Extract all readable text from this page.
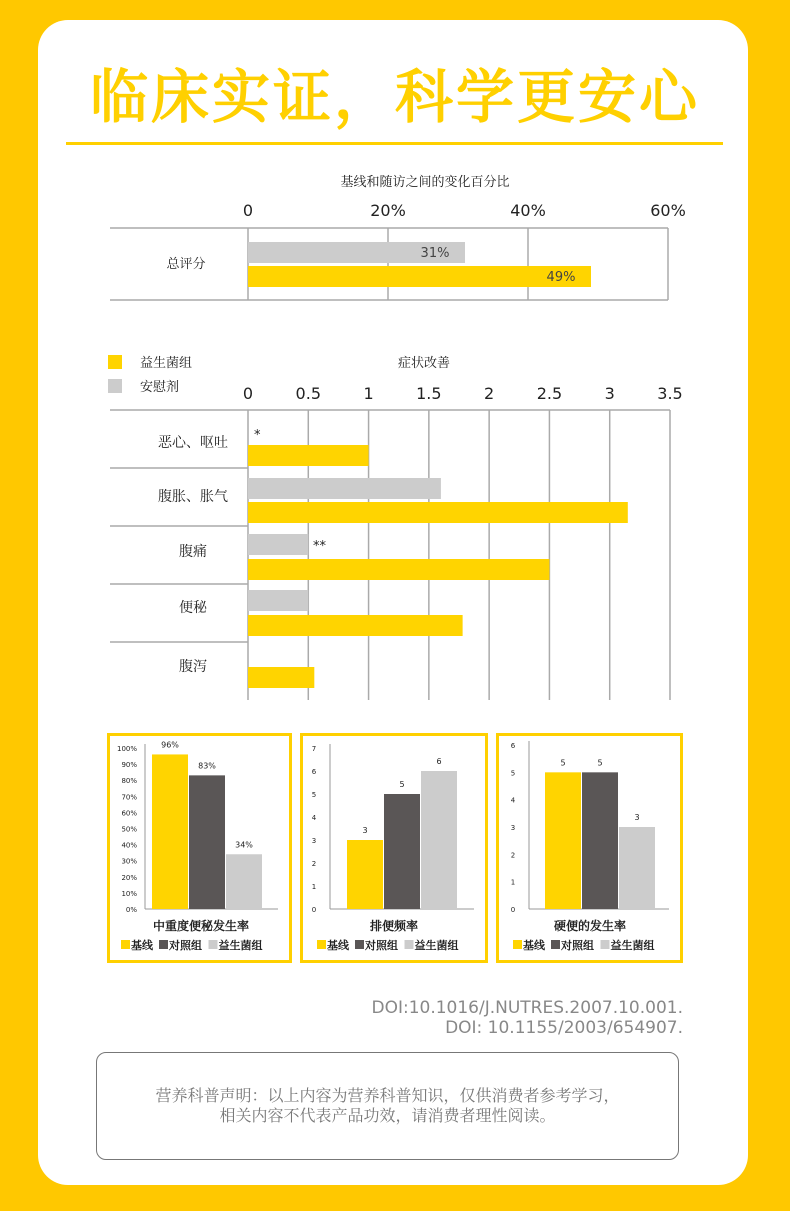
临床实证，科学更安心
基线和随访之间的变化百分比
0	20%	40%	60%
总评分
31%
49%
症状改善
益生菌组
安慰剂	0	0.5	1	1.5	2	2.5	3	3.5
恶心、呕吐
腹胀、胀气
腹痛
便秘
腹泻
*
**
0%
10%
20%
30%
40%
50%
60%
70%
80%
90%
100%	96%
83%
34%
中重度便秘发生率
基线 对照组 益生菌组
0
1
2
3
4
5
6
7
3
5
6
排便频率
基线 对照组 益生菌组
0
1
2
3
4
5
6
5	5
3
硬便的发生率
基线 对照组 益生菌组
DOI:10.1016/J.NUTRES.2007.10.001.
DOI: 10.1155/2003/654907.
营养科普声明：以上内容为营养科普知识，仅供消费者参考学习，
相关内容不代表产品功效，请消费者理性阅读。
